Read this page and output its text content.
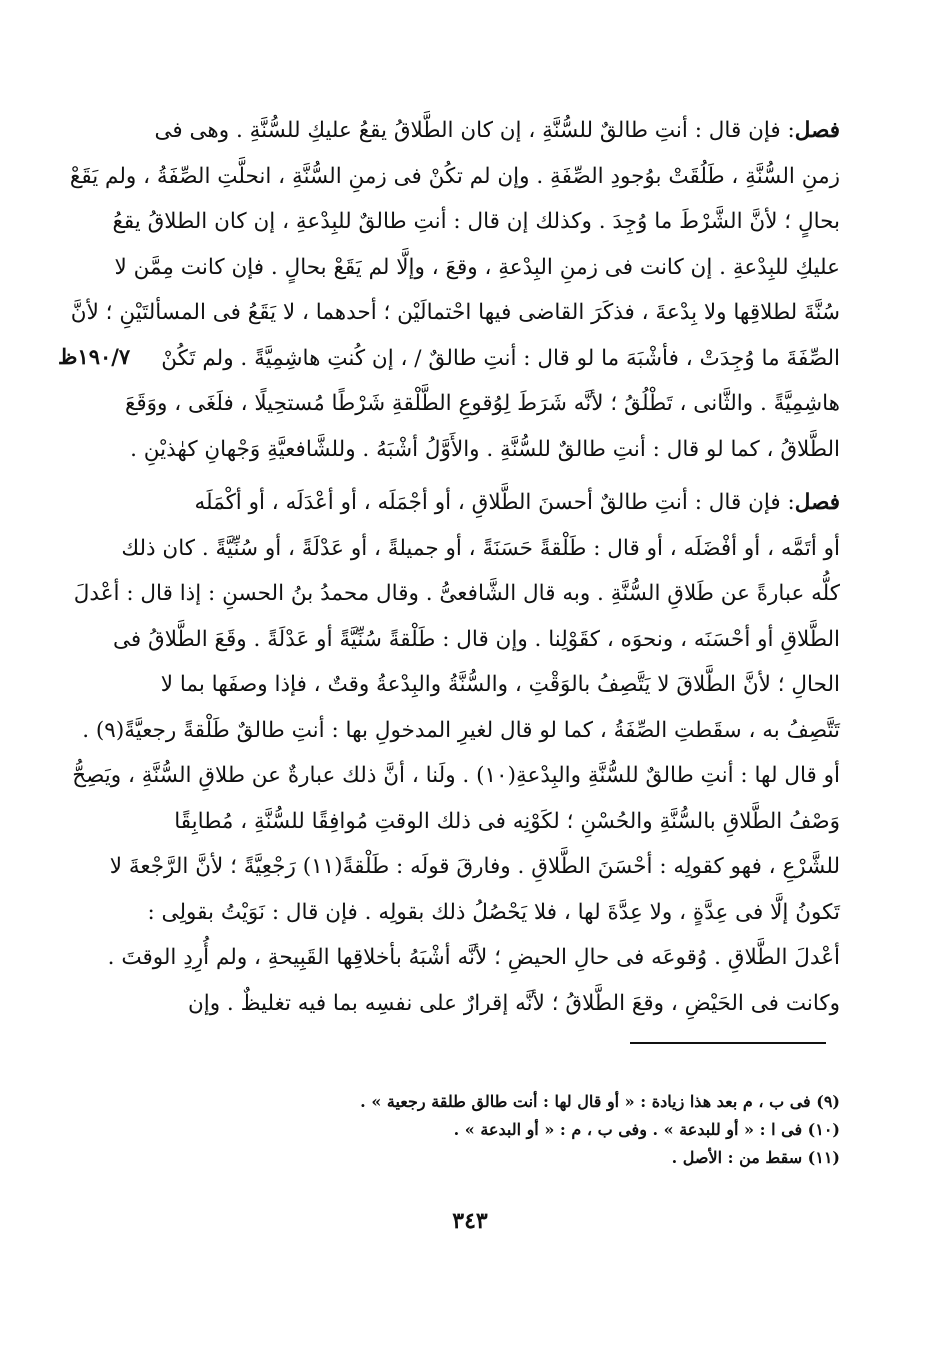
١٩٠/٧ظ
فصل: فإن قال : أنتِ طالقٌ للسُّنَّةِ ، إن كان الطَّلاقُ يقعُ عليكِ للسُّنَّةِ . وهى فى
زمنِ السُّنَّةِ ، طَلُقَتْ بوُجودِ الصِّفَةِ . وإن لم تكُنْ فى زمنِ السُّنَّةِ ، انحلَّتِ الصِّفَةُ ، ولم يَقَعْ
بحالٍ ؛ لأنَّ الشَّرْطَ ما وُجِدَ . وكذلك إن قال : أنتِ طالقٌ للبِدْعةِ ، إن كان الطلاقُ يقعُ
عليكِ للبِدْعةِ . إن كانت فى زمنِ البِدْعةِ ، وقعَ ، وإلَّا لم يَقَعْ بحالٍ . فإن كانت مِمَّن لا
سُنَّةَ لطلاقِها ولا بِدْعةَ ، فذكَرَ القاضى فيها احْتمالَيْن ؛ أحدهما ، لا يَقَعُ فى المسألتَيْنِ ؛ لأنَّ
الصِّفَةَ ما وُجِدَتْ ، فأشْبَهَ ما لو قال : أنتِ طالقٌ / ، إن كُنتِ هاشِمِيَّةً . ولم تَكُنْ
هاشِمِيَّةً . والثَّانى ، تَطْلُقُ ؛ لأنَّه شَرَطَ لِوُقوعِ الطَّلْقةِ شَرْطًا مُستحِيلًا ، فلَغَى ، ووَقَعَ
الطَّلاقُ ، كما لو قال : أنتِ طالقٌ للسُّنَّةِ . والأَوَّلُ أشْبَهُ . وللشَّافعيَّةِ وَجْهانِ كهٰذيْنِ .
فصل: فإن قال : أنتِ طالقٌ أحسنَ الطَّلاقِ ، أو أجْمَلَه ، أو أعْدَلَه ، أو أكْمَلَه
أو أتَمَّه ، أو أفْضَلَه ، أو قال : طَلْقةً حَسَنَةً ، أو جميلةً ، أو عَدْلَةً ، أو سُنِّيَّةً . كان ذلك
كلُّه عبارةً عن طَلاقِ السُّنَّةِ . وبه قال الشَّافعىُّ . وقال محمدُ بنُ الحسنِ : إذا قال : أعْدلَ
الطَّلاقِ أو أحْسَنَه ، ونحوَه ، كقَوْلِنا . وإن قال : طَلْقةً سُنِّيَّةً أو عَدْلَةً . وقَعَ الطَّلاقُ فى
الحالِ ؛ لأنَّ الطَّلاقَ لا يَتَّصِفُ بالوَقْتِ ، والسُّنَّةُ والبِدْعةُ وقتٌ ، فإذا وصفَها بما لا
تَتَّصِفُ به ، سقَطتِ الصِّفَةُ ، كما لو قال لغيرِ المدخولِ بها : أنتِ طالقٌ طَلْقةً رجعيَّةً(٩) .
أو قال لها : أنتِ طالقٌ للسُّنَّةِ والبِدْعةِ(١٠) . ولَنا ، أنَّ ذلك عبارةٌ عن طلاقِ السُّنَّةِ ، ويَصِحُّ
وَصْفُ الطَّلاقِ بالسُّنَّةِ والحُسْنِ ؛ لكَوْنِه فى ذلك الوقتِ مُوافِقًا للسُّنَّةِ ، مُطابِقًا
للشَّرْعِ ، فهو كقولِه : أحْسَنَ الطَّلاقِ . وفارقَ قولَه : طَلْقةً(١١) رَجْعِيَّةً ؛ لأنَّ الرَّجْعةَ لا
تَكونُ إلَّا فى عِدَّةٍ ، ولا عِدَّةَ لها ، فلا يَحْصُلُ ذلك بقولِه . فإن قال : نَوَيْتُ بقولِى :
أعْدلَ الطَّلاقِ . وُقوعَه فى حالِ الحيضِ ؛ لأنَّه أشْبَهُ بأخلاقِها القَبِيحةِ ، ولم أُرِدِ الوقتَ .
وكانت فى الحَيْضِ ، وقعَ الطَّلاقُ ؛ لأنَّه إقرارٌ على نفسِه بما فيه تغليظٌ . وإن
(٩) فى ب ، م بعد هذا زيادة : « أو قال لها : أنت طالق طلقة رجعية » .
(١٠) فى ا : « أو للبدعة » . وفى ب ، م : « أو البدعة » .
(١١) سقط من : الأصل .
٣٤٣
